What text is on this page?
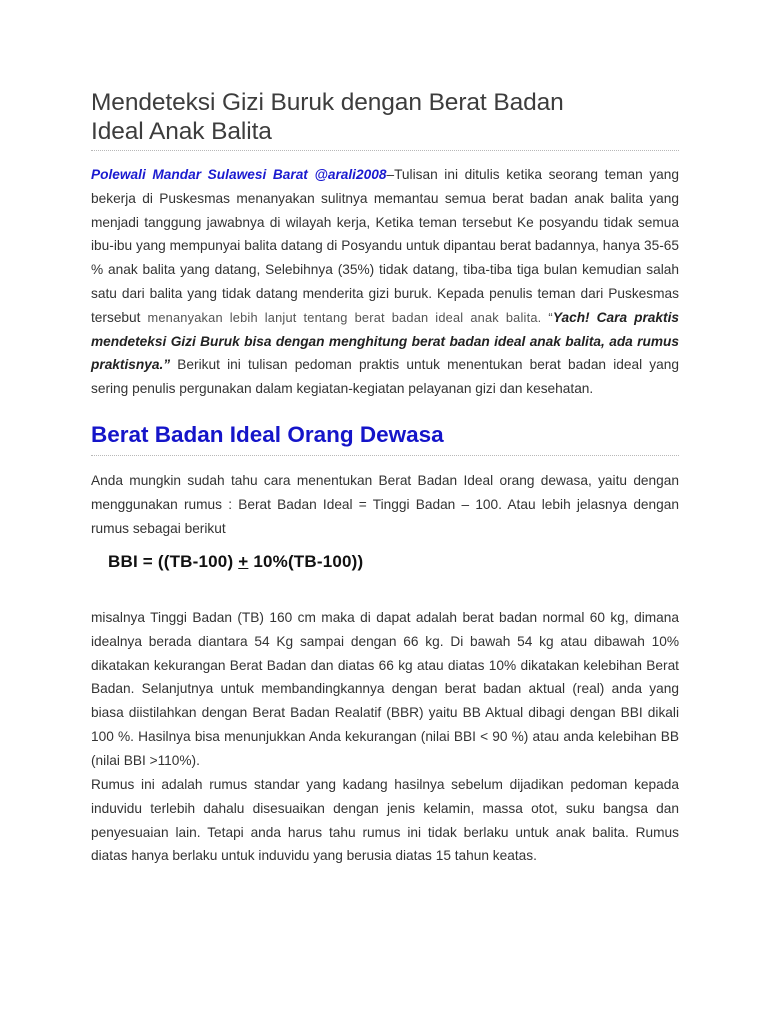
Mendeteksi Gizi Buruk dengan Berat Badan
Ideal Anak Balita

Polewali Mandar Sulawesi Barat @arali2008–Tulisan ini ditulis ketika seorang teman yang bekerja di Puskesmas menanyakan sulitnya memantau semua berat badan anak balita yang menjadi tanggung jawabnya di wilayah kerja, Ketika teman tersebut Ke posyandu tidak semua ibu-ibu yang mempunyai balita datang di Posyandu untuk dipantau berat badannya, hanya 35-65 % anak balita yang datang, Selebihnya (35%) tidak datang, tiba-tiba tiga bulan kemudian salah satu dari balita yang tidak datang menderita gizi buruk. Kepada penulis teman dari Puskesmas tersebut menanyakan lebih lanjut tentang berat badan ideal anak balita. “Yach! Cara praktis mendeteksi Gizi Buruk bisa dengan menghitung berat badan ideal anak balita, ada rumus praktisnya.” Berikut ini tulisan pedoman praktis untuk menentukan berat badan ideal yang sering penulis pergunakan dalam kegiatan-kegiatan pelayanan gizi dan kesehatan.

Berat Badan Ideal Orang Dewasa

Anda mungkin sudah tahu cara menentukan Berat Badan Ideal orang dewasa, yaitu dengan menggunakan rumus : Berat Badan Ideal = Tinggi Badan – 100. Atau lebih jelasnya dengan rumus sebagai berikut

BBI = ((TB-100) + 10%(TB-100))

misalnya Tinggi Badan (TB) 160 cm maka di dapat adalah berat badan normal 60 kg, dimana idealnya berada diantara 54 Kg sampai dengan 66 kg. Di bawah 54 kg atau dibawah 10% dikatakan kekurangan Berat Badan dan diatas 66 kg atau diatas 10% dikatakan kelebihan Berat Badan. Selanjutnya untuk membandingkannya dengan berat badan aktual (real) anda yang biasa diistilahkan dengan Berat Badan Realatif (BBR) yaitu BB Aktual dibagi dengan BBI dikali 100 %. Hasilnya bisa menunjukkan Anda kekurangan (nilai BBI < 90 %) atau anda kelebihan BB (nilai BBI >110%).

Rumus ini adalah rumus standar yang kadang hasilnya sebelum dijadikan pedoman kepada induvidu terlebih dahalu disesuaikan dengan jenis kelamin, massa otot, suku bangsa dan penyesuaian lain. Tetapi anda harus tahu rumus ini tidak berlaku untuk anak balita. Rumus diatas hanya berlaku untuk induvidu yang berusia diatas 15 tahun keatas.
